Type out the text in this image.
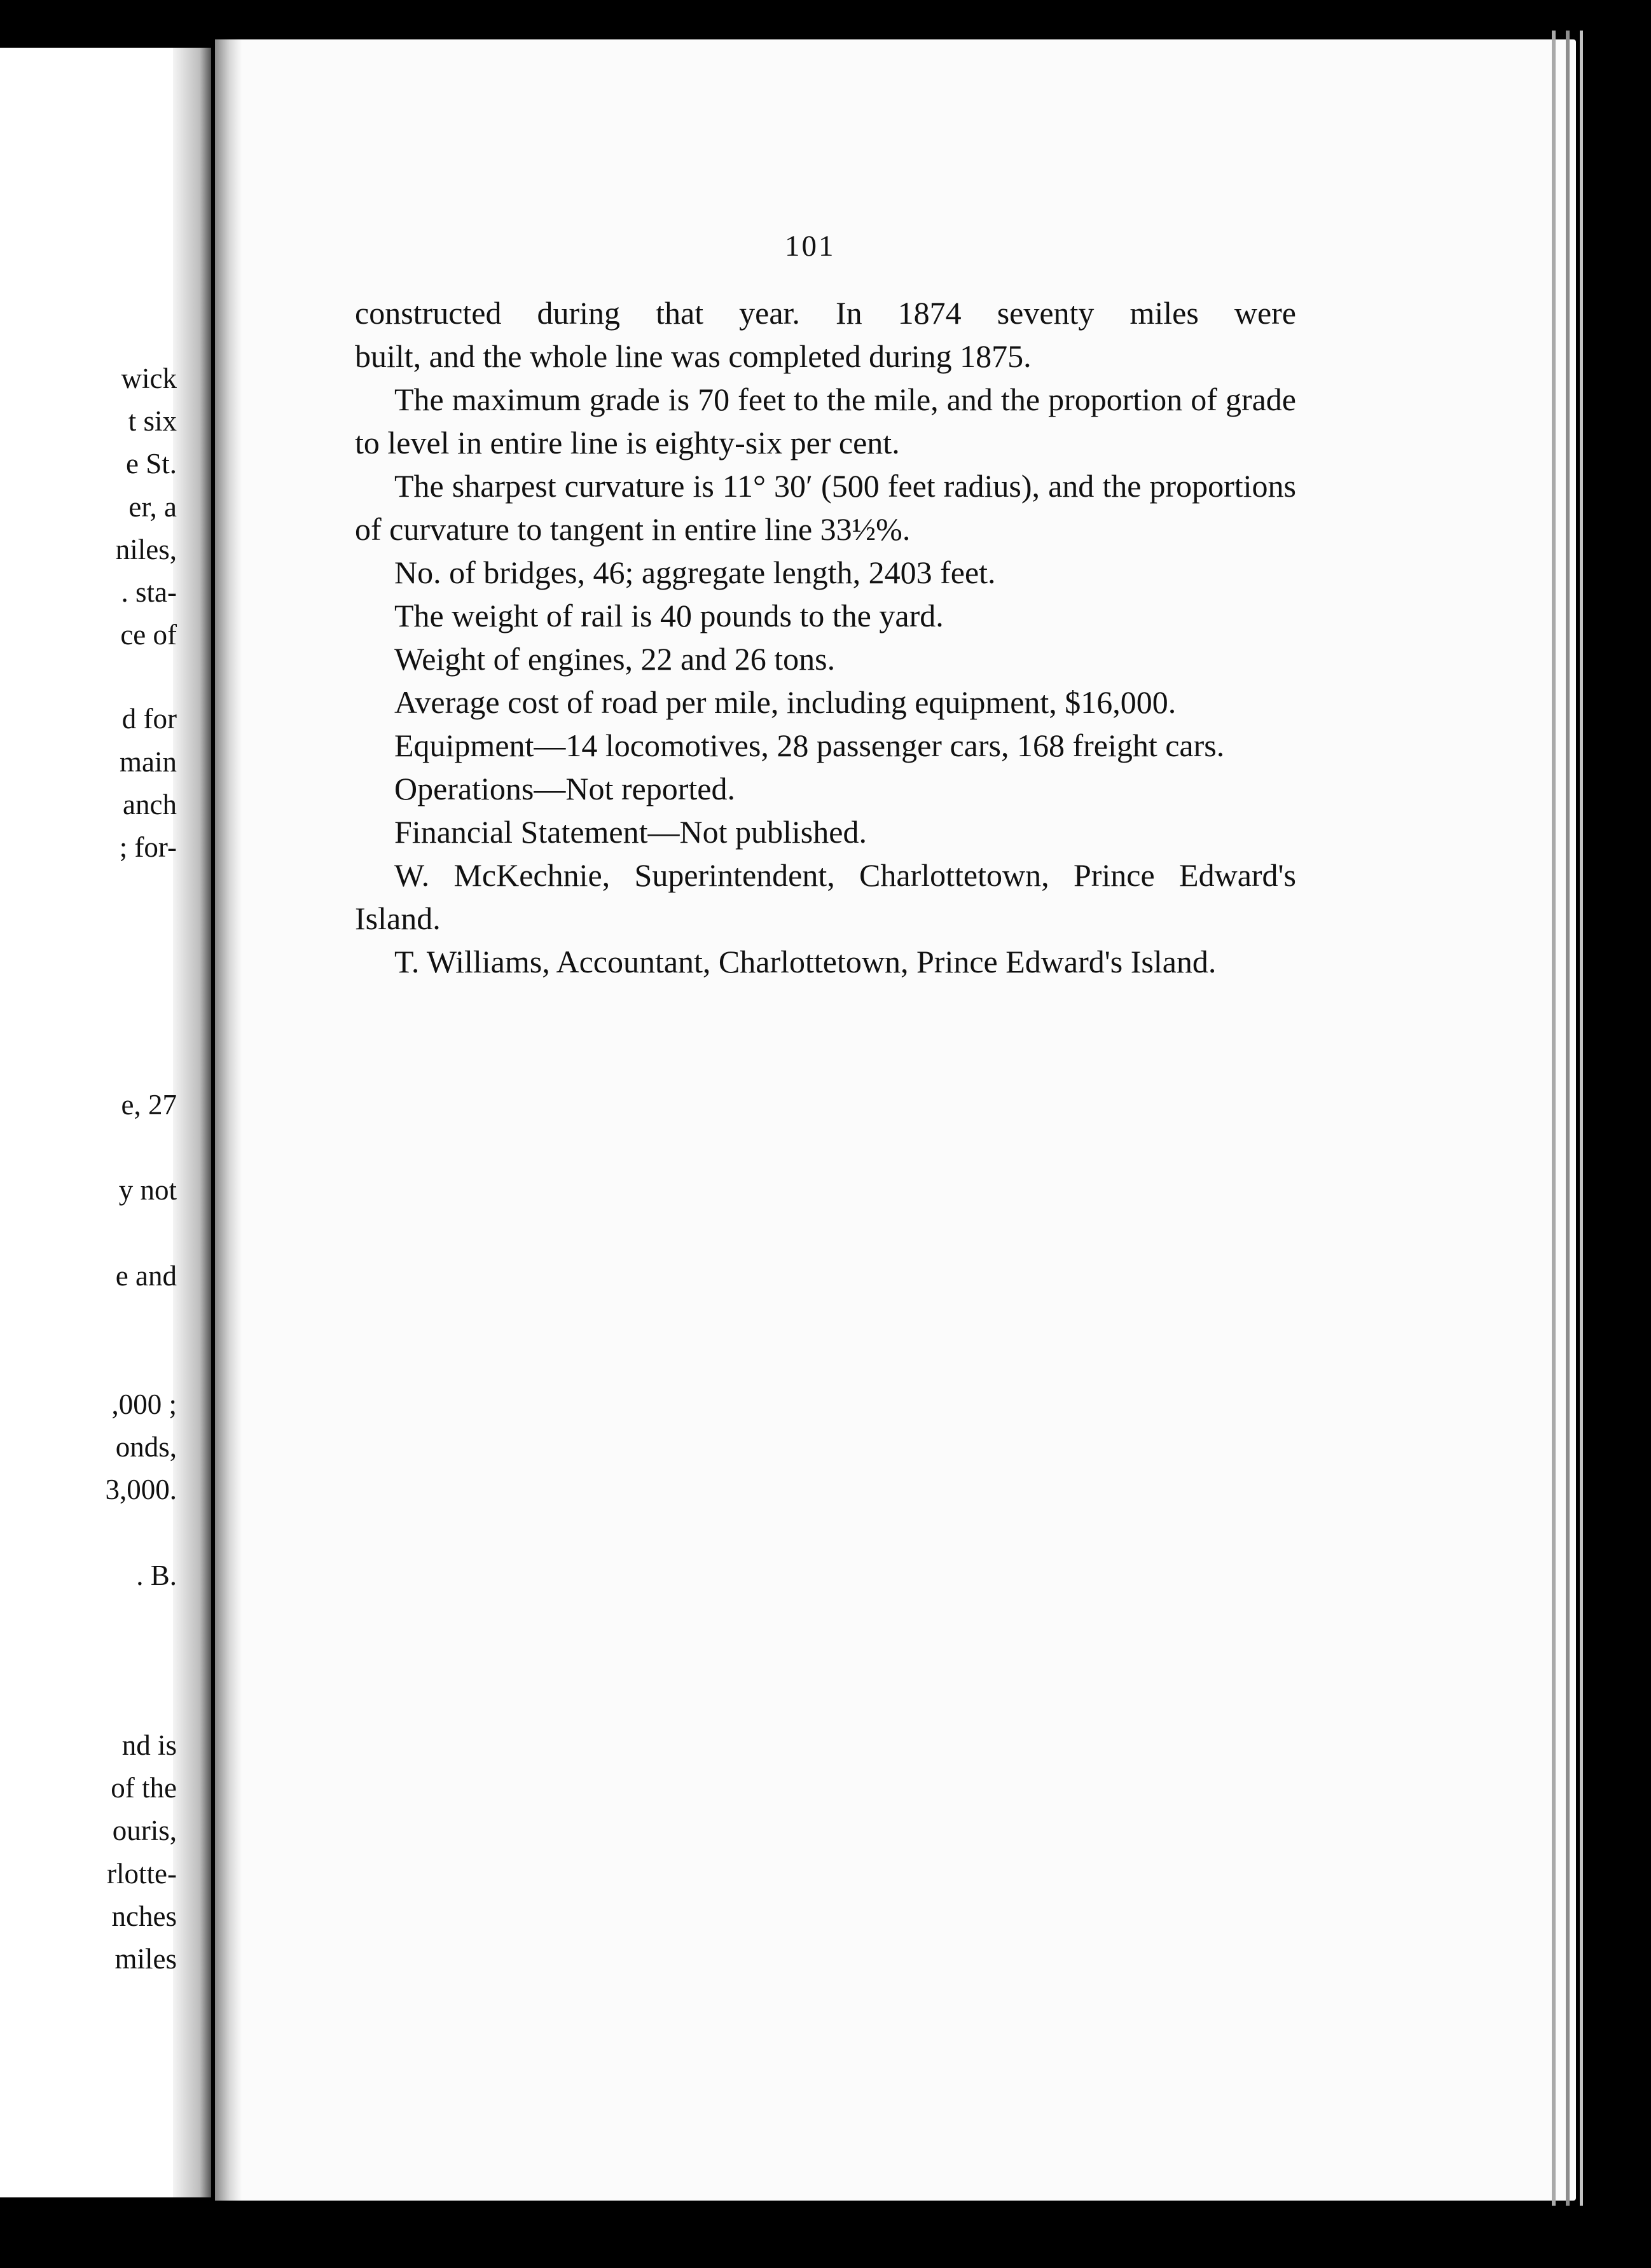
wick
t six
e St.
er, a
niles,
. sta-
ce of
d for
main
anch
; for-
e, 27
y not
e and
,000 ;
onds,
3,000.
. B.
nd is
of the
ouris,
rlotte-
nches
miles
101
constructed during that year. In 1874 seventy miles were
built, and the whole line was completed during 1875.

The maximum grade is 70 feet to the mile, and the proportion of grade to level in entire line is eighty-six per cent.

The sharpest curvature is 11° 30′ (500 feet radius), and the proportions of curvature to tangent in entire line 33½%.

No. of bridges, 46; aggregate length, 2403 feet.

The weight of rail is 40 pounds to the yard.

Weight of engines, 22 and 26 tons.

Average cost of road per mile, including equipment, $16,000.

Equipment—14 locomotives, 28 passenger cars, 168 freight cars.

Operations—Not reported.

Financial Statement—Not published.

W. McKechnie, Superintendent, Charlottetown, Prince Edward's Island.

T. Williams, Accountant, Charlottetown, Prince Edward's Island.
